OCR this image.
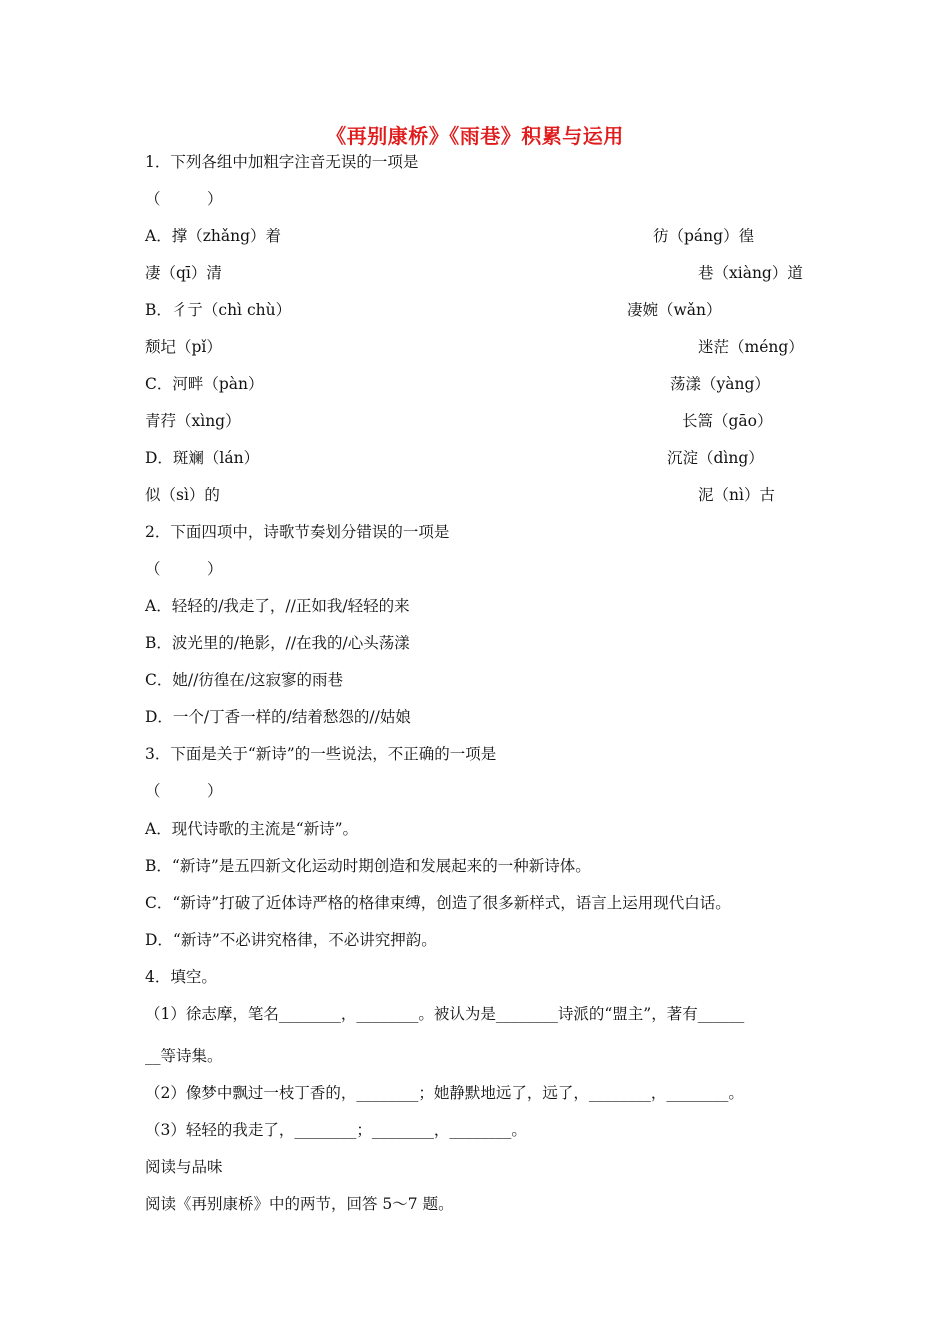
《再别康桥》《雨巷》积累与运用
1．下列各组中加粗字注音无误的一项是
（　　　）
A．撑（zhǎng）着	彷（páng）徨
凄（qī）清	巷（xiàng）道
B．彳亍（chì chù）	凄婉（wǎn）
颓圮（pǐ）	迷茫（méng）
C．河畔（pàn）	荡漾（yàng）
青荇（xìng）	长篙（gāo）
D．斑斓（lán）	沉淀（dìng）
似（sì）的	泥（nì）古
2．下面四项中，诗歌节奏划分错误的一项是
（　　　）
A．轻轻的/我走了，//正如我/轻轻的来
B．波光里的/艳影，//在我的/心头荡漾
C．她//彷徨在/这寂寥的雨巷
D．一个/丁香一样的/结着愁怨的//姑娘
3．下面是关于“新诗”的一些说法，不正确的一项是
（　　　）
A．现代诗歌的主流是“新诗”。
B．“新诗”是五四新文化运动时期创造和发展起来的一种新诗体。
C．“新诗”打破了近体诗严格的格律束缚，创造了很多新样式，语言上运用现代白话。
D．“新诗”不必讲究格律，不必讲究押韵。
4．填空。
（1）徐志摩，笔名________，________。被认为是________诗派的“盟主”，著有______
__等诗集。
（2）像梦中飘过一枝丁香的，________；她静默地远了，远了，________，________。
（3）轻轻的我走了，________；________，________。
阅读与品味
阅读《再别康桥》中的两节，回答 5～7 题。
